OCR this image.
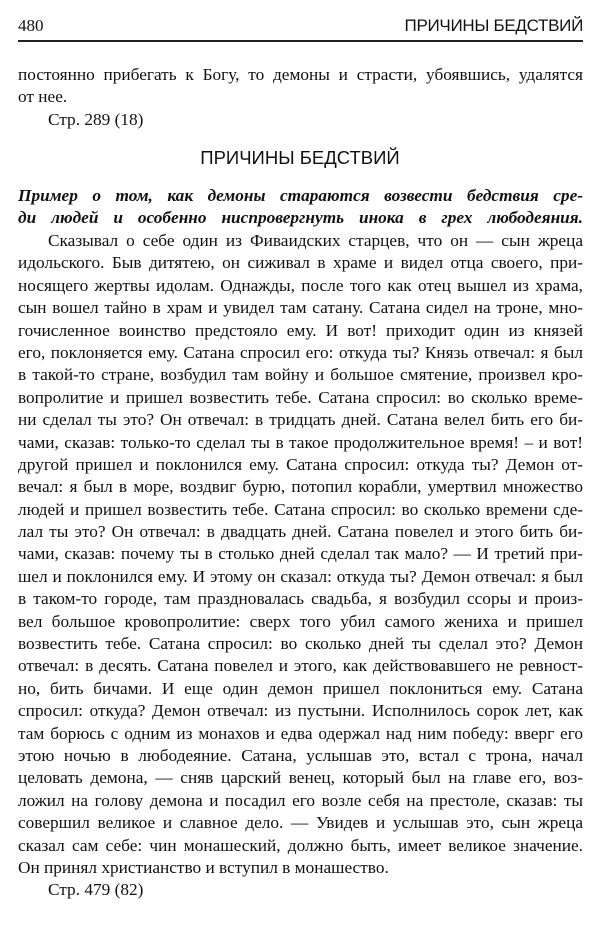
480	ПРИЧИНЫ БЕДСТВИЙ
постоянно прибегать к Богу, то демоны и страсти, убоявшись, удалятся
от нее.
Стр. 289 (18)
ПРИЧИНЫ БЕДСТВИЙ
Пример о том, как демоны стараются возвести бедствия сре-
ди людей и особенно ниспровергнуть инока в грех любодеяния.
Сказывал о себе один из Фиваидских старцев, что он — сын жреца
идольского. Быв дитятею, он сиживал в храме и видел отца своего, при-
носящего жертвы идолам. Однажды, после того как отец вышел из храма,
сын вошел тайно в храм и увидел там сатану. Сатана сидел на троне, мно-
гочисленное воинство предстояло ему. И вот! приходит один из князей
его, поклоняется ему. Сатана спросил его: откуда ты? Князь отвечал: я был
в такой-то стране, возбудил там войну и большое смятение, произвел кро-
вопролитие и пришел возвестить тебе. Сатана спросил: во сколько време-
ни сделал ты это? Он отвечал: в тридцать дней. Сатана велел бить его би-
чами, сказав: только-то сделал ты в такое продолжительное время! – и вот!
другой пришел и поклонился ему. Сатана спросил: откуда ты? Демон от-
вечал: я был в море, воздвиг бурю, потопил корабли, умертвил множество
людей и пришел возвестить тебе. Сатана спросил: во сколько времени сде-
лал ты это? Он отвечал: в двадцать дней. Сатана повелел и этого бить би-
чами, сказав: почему ты в столько дней сделал так мало? — И третий при-
шел и поклонился ему. И этому он сказал: откуда ты? Демон отвечал: я был
в таком-то городе, там праздновалась свадьба, я возбудил ссоры и произ-
вел большое кровопролитие: сверх того убил самого жениха и пришел
возвестить тебе. Сатана спросил: во сколько дней ты сделал это? Демон
отвечал: в десять. Сатана повелел и этого, как действовавшего не ревност-
но, бить бичами. И еще один демон пришел поклониться ему. Сатана
спросил: откуда? Демон отвечал: из пустыни. Исполнилось сорок лет, как
там борюсь с одним из монахов и едва одержал над ним победу: вверг его
этою ночью в любодеяние. Сатана, услышав это, встал с трона, начал
целовать демона, — сняв царский венец, который был на главе его, воз-
ложил на голову демона и посадил его возле себя на престоле, сказав: ты
совершил великое и славное дело. — Увидев и услышав это, сын жреца
сказал сам себе: чин монашеский, должно быть, имеет великое значение.
Он принял христианство и вступил в монашество.
Стр. 479 (82)
